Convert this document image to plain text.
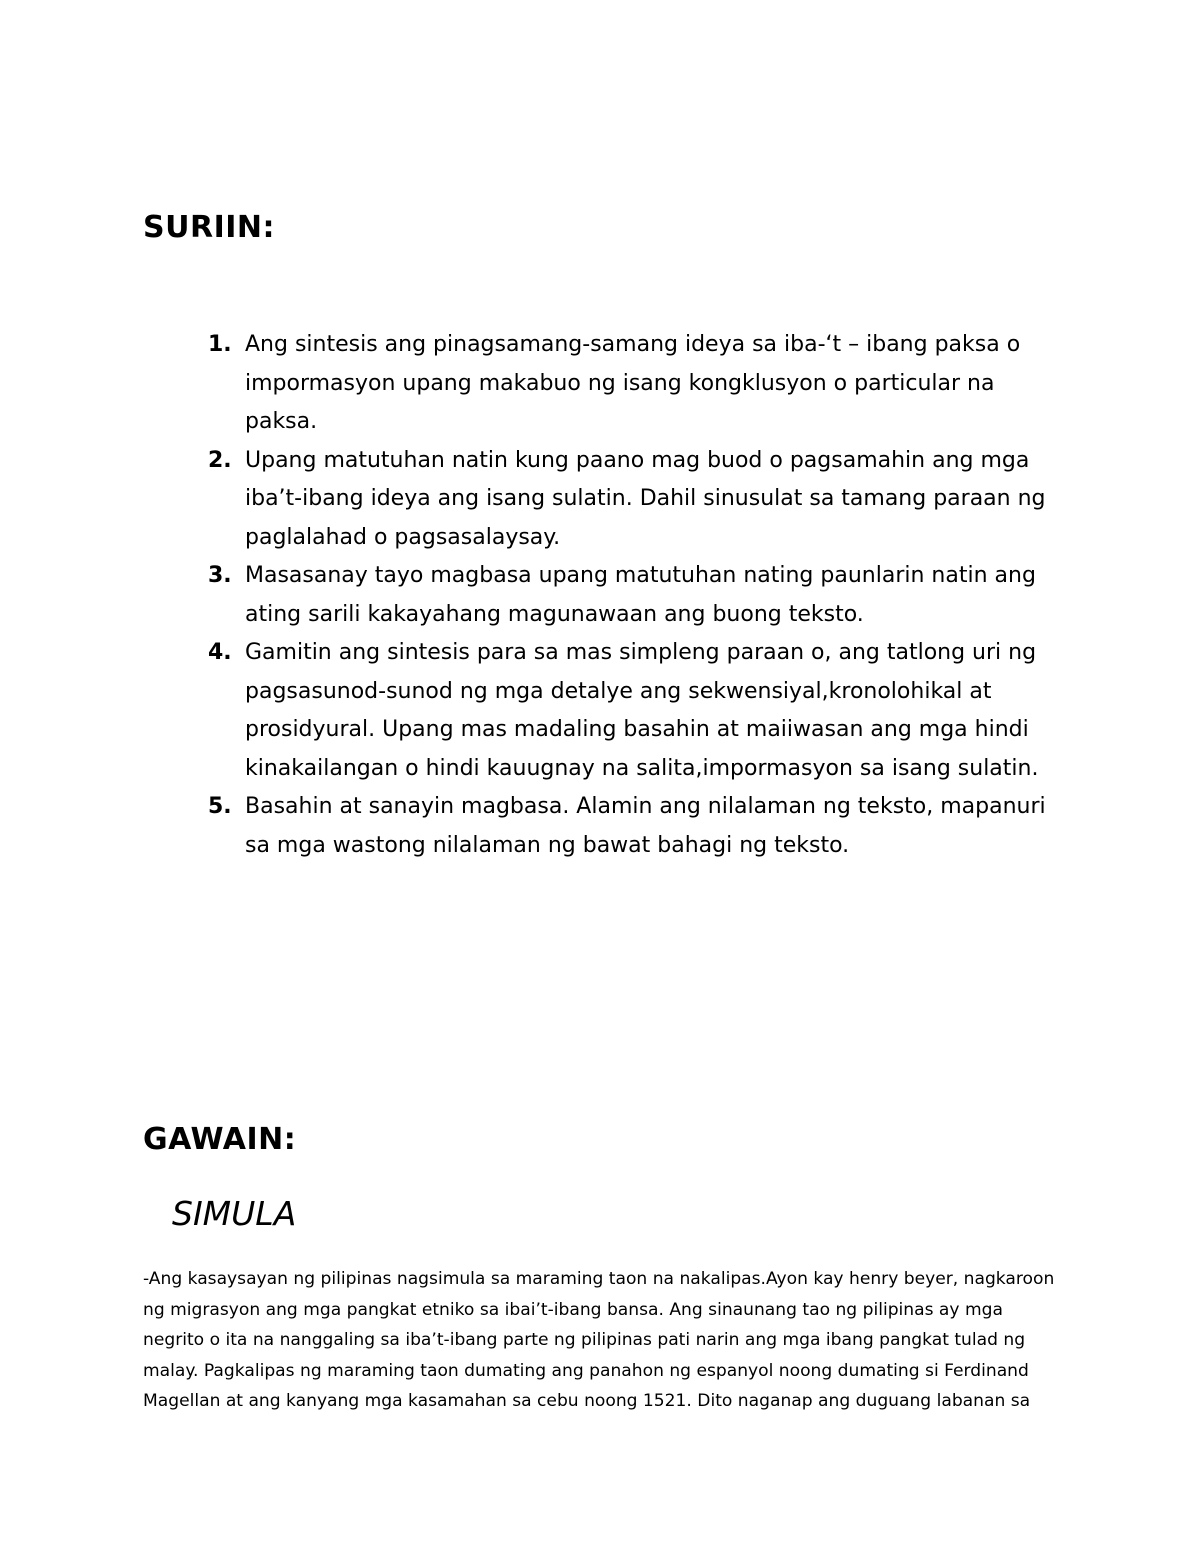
SURIIN:
1. Ang sintesis ang pinagsamang-samang ideya sa iba-‘t – ibang paksa o impormasyon upang makabuo ng isang kongklusyon o particular na paksa.
2. Upang matutuhan natin kung paano mag buod o pagsamahin ang mga iba’t-ibang ideya ang isang sulatin. Dahil sinusulat sa tamang paraan ng paglalahad o pagsasalaysay.
3. Masasanay tayo magbasa upang matutuhan nating paunlarin natin ang ating sarili kakayahang magunawaan ang buong teksto.
4. Gamitin ang sintesis para sa mas simpleng paraan o, ang tatlong uri ng pagsasunod-sunod ng mga detalye ang sekwensiyal,kronolohikal at prosidyural. Upang mas madaling basahin at maiiwasan ang mga hindi kinakailangan o hindi kauugnay na salita,impormasyon sa isang sulatin.
5. Basahin at sanayin magbasa. Alamin ang nilalaman ng teksto, mapanuri sa mga wastong nilalaman ng bawat bahagi ng teksto.
GAWAIN:
SIMULA

-Ang kasaysayan ng pilipinas nagsimula sa maraming taon na nakalipas.Ayon kay henry beyer, nagkaroon ng migrasyon ang mga pangkat etniko sa ibai’t-ibang bansa. Ang sinaunang tao ng pilipinas ay mga negrito o ita na nanggaling sa iba’t-ibang parte ng pilipinas pati narin ang mga ibang pangkat tulad ng malay. Pagkalipas ng maraming taon dumating ang panahon ng espanyol noong dumating si Ferdinand Magellan at ang kanyang mga kasamahan sa cebu noong 1521. Dito naganap ang duguang labanan sa
